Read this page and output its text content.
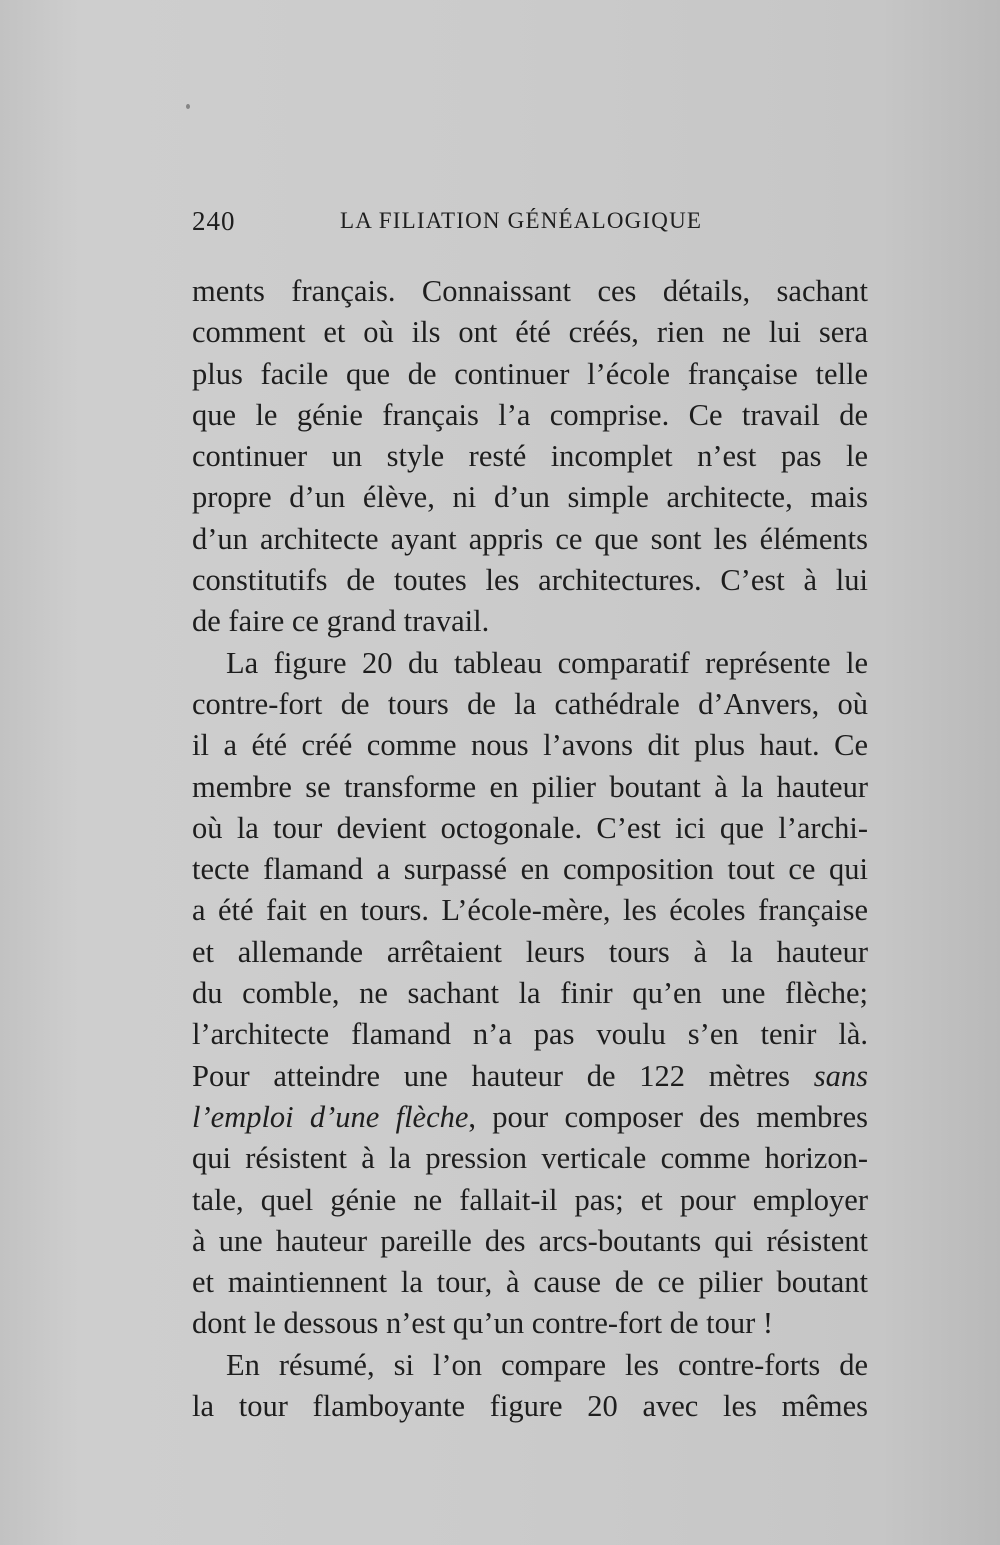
240	LA FILIATION GÉNÉALOGIQUE
ments français. Connaissant ces détails, sachant
comment et où ils ont été créés, rien ne lui sera
plus facile que de continuer l’école française telle
que le génie français l’a comprise. Ce travail de
continuer un style resté incomplet n’est pas le
propre d’un élève, ni d’un simple architecte, mais
d’un architecte ayant appris ce que sont les éléments
constitutifs de toutes les architectures. C’est à lui
de faire ce grand travail.
La figure 20 du tableau comparatif représente le
contre-fort de tours de la cathédrale d’Anvers, où
il a été créé comme nous l’avons dit plus haut. Ce
membre se transforme en pilier boutant à la hauteur
où la tour devient octogonale. C’est ici que l’archi-
tecte flamand a surpassé en composition tout ce qui
a été fait en tours. L’école-mère, les écoles française
et allemande arrêtaient leurs tours à la hauteur
du comble, ne sachant la finir qu’en une flèche;
l’architecte flamand n’a pas voulu s’en tenir là.
Pour atteindre une hauteur de 122 mètres sans
l’emploi d’une flèche, pour composer des membres
qui résistent à la pression verticale comme horizon-
tale, quel génie ne fallait-il pas; et pour employer
à une hauteur pareille des arcs-boutants qui résistent
et maintiennent la tour, à cause de ce pilier boutant
dont le dessous n’est qu’un contre-fort de tour !
En résumé, si l’on compare les contre-forts de
la tour flamboyante figure 20 avec les mêmes
